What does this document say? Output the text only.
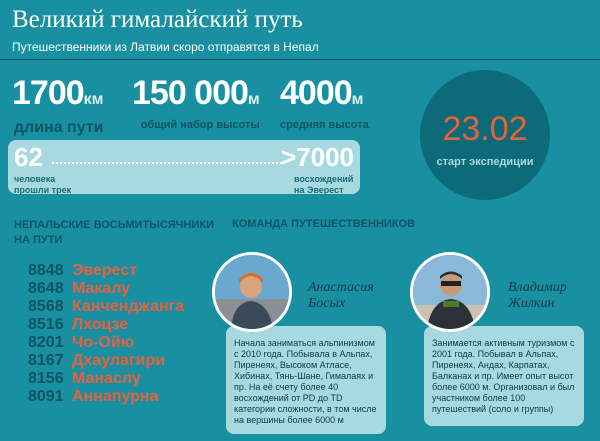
Великий гималайский путь
Путешественники из Латвии скоро отправятся в Непал
1700км
длина пути
150 000м
общий набор высоты
4000м
средняя высота
62	>7000
человека
прошли трек
восхождений
на Эверест
23.02
старт экспедиции
НЕПАЛЬСКИЕ ВОСЬМИТЫСЯЧНИКИ
НА ПУТИ
8848 Эверест
8648 Макалу
8568 Канченджанга
8516 Лхоцзе
8201 Чо-Ойю
8167 Дхаулагири
8156 Манаслу
8091 Аннапурна
КОМАНДА ПУТЕШЕСТВЕННИКОВ
Начала заниматься альпинизмом с 2010 года. Побывала в Альпах, Пиренеях, Высоком Атласе, Хибинах, Тянь-Шане, Гималаях и пр. На её счету более 40 восхождений от PD до TD категории сложности, в том числе на вершины более 6000 м
Анастасия
Босых
Занимается активным туризмом с 2001 года. Побывал в Альпах, Пиренеях, Андах, Карпатах, Балканах и пр. Имеет опыт высот более 6000 м. Организовал и был участником более 100 путешествий (соло и группы)
Владимир
Жилкин
